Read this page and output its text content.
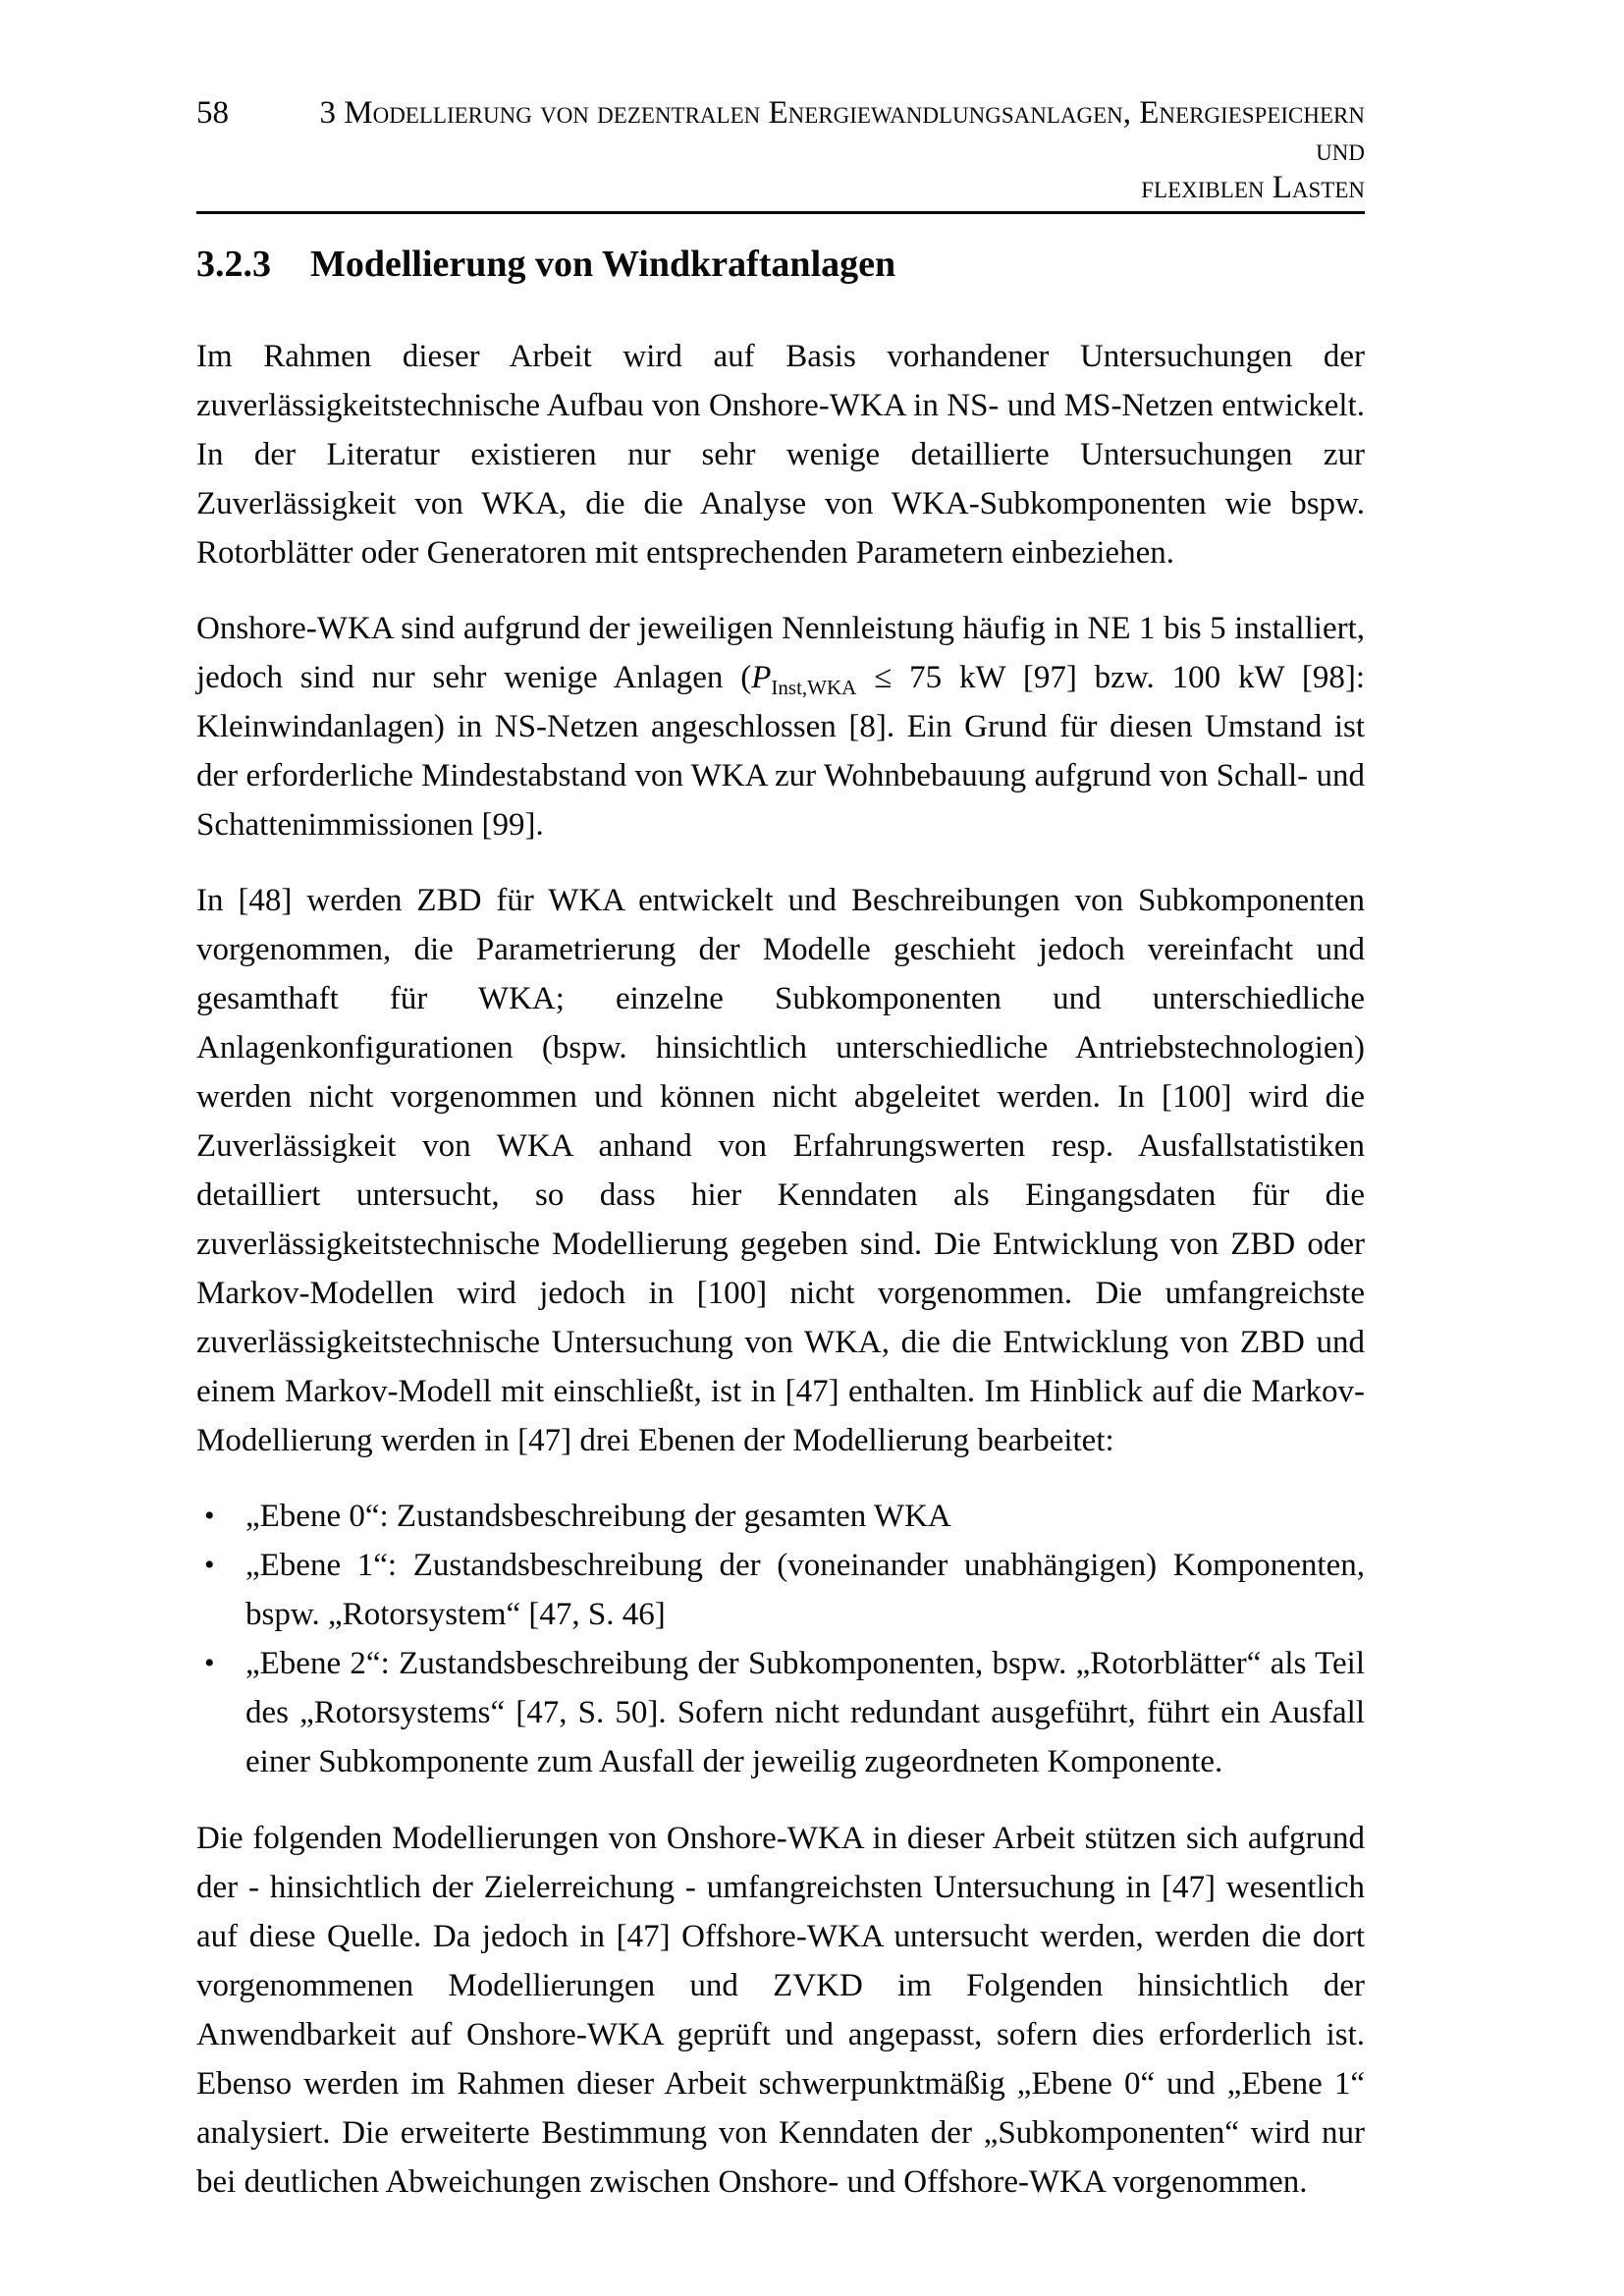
58	3 Modellierung von dezentralen Energiewandlungsanlagen, Energiespeichern und
flexiblen Lasten
3.2.3 Modellierung von Windkraftanlagen

Im Rahmen dieser Arbeit wird auf Basis vorhandener Untersuchungen der zuverlässigkeitstechnische Aufbau von Onshore-WKA in NS- und MS-Netzen entwickelt. In der Literatur existieren nur sehr wenige detaillierte Untersuchungen zur Zuverlässigkeit von WKA, die die Analyse von WKA-Subkomponenten wie bspw. Rotorblätter oder Generatoren mit entsprechenden Parametern einbeziehen.

Onshore-WKA sind aufgrund der jeweiligen Nennleistung häufig in NE 1 bis 5 installiert, jedoch sind nur sehr wenige Anlagen ($P_{Inst,WKA} \le 75$ kW [97] bzw. 100 kW [98]: Kleinwindanlagen) in NS-Netzen angeschlossen [8]. Ein Grund für diesen Umstand ist der erforderliche Mindestabstand von WKA zur Wohnbebauung aufgrund von Schall- und Schattenimmissionen [99].

In [48] werden ZBD für WKA entwickelt und Beschreibungen von Subkomponenten vorgenommen, die Parametrierung der Modelle geschieht jedoch vereinfacht und gesamthaft für WKA; einzelne Subkomponenten und unterschiedliche Anlagenkonfigurationen (bspw. hinsichtlich unterschiedliche Antriebstechnologien) werden nicht vorgenommen und können nicht abgeleitet werden. In [100] wird die Zuverlässigkeit von WKA anhand von Erfahrungswerten resp. Ausfallstatistiken detailliert untersucht, so dass hier Kenndaten als Eingangsdaten für die zuverlässigkeitstechnische Modellierung gegeben sind. Die Entwicklung von ZBD oder Markov-Modellen wird jedoch in [100] nicht vorgenommen. Die umfangreichste zuverlässigkeitstechnische Untersuchung von WKA, die die Entwicklung von ZBD und einem Markov-Modell mit einschließt, ist in [47] enthalten. Im Hinblick auf die Markov-Modellierung werden in [47] drei Ebenen der Modellierung bearbeitet:

• „Ebene 0“: Zustandsbeschreibung der gesamten WKA
• „Ebene 1“: Zustandsbeschreibung der (voneinander unabhängigen) Komponenten, bspw. „Rotorsystem“ [47, S. 46]
• „Ebene 2“: Zustandsbeschreibung der Subkomponenten, bspw. „Rotorblätter“ als Teil des „Rotorsystems“ [47, S. 50]. Sofern nicht redundant ausgeführt, führt ein Ausfall einer Subkomponente zum Ausfall der jeweilig zugeordneten Komponente.

Die folgenden Modellierungen von Onshore-WKA in dieser Arbeit stützen sich aufgrund der - hinsichtlich der Zielerreichung - umfangreichsten Untersuchung in [47] wesentlich auf diese Quelle. Da jedoch in [47] Offshore-WKA untersucht werden, werden die dort vorgenommenen Modellierungen und ZVKD im Folgenden hinsichtlich der Anwendbarkeit auf Onshore-WKA geprüft und angepasst, sofern dies erforderlich ist. Ebenso werden im Rahmen dieser Arbeit schwerpunktmäßig „Ebene 0“ und „Ebene 1“ analysiert. Die erweiterte Bestimmung von Kenndaten der „Subkomponenten“ wird nur bei deutlichen Abweichungen zwischen Onshore- und Offshore-WKA vorgenommen.
